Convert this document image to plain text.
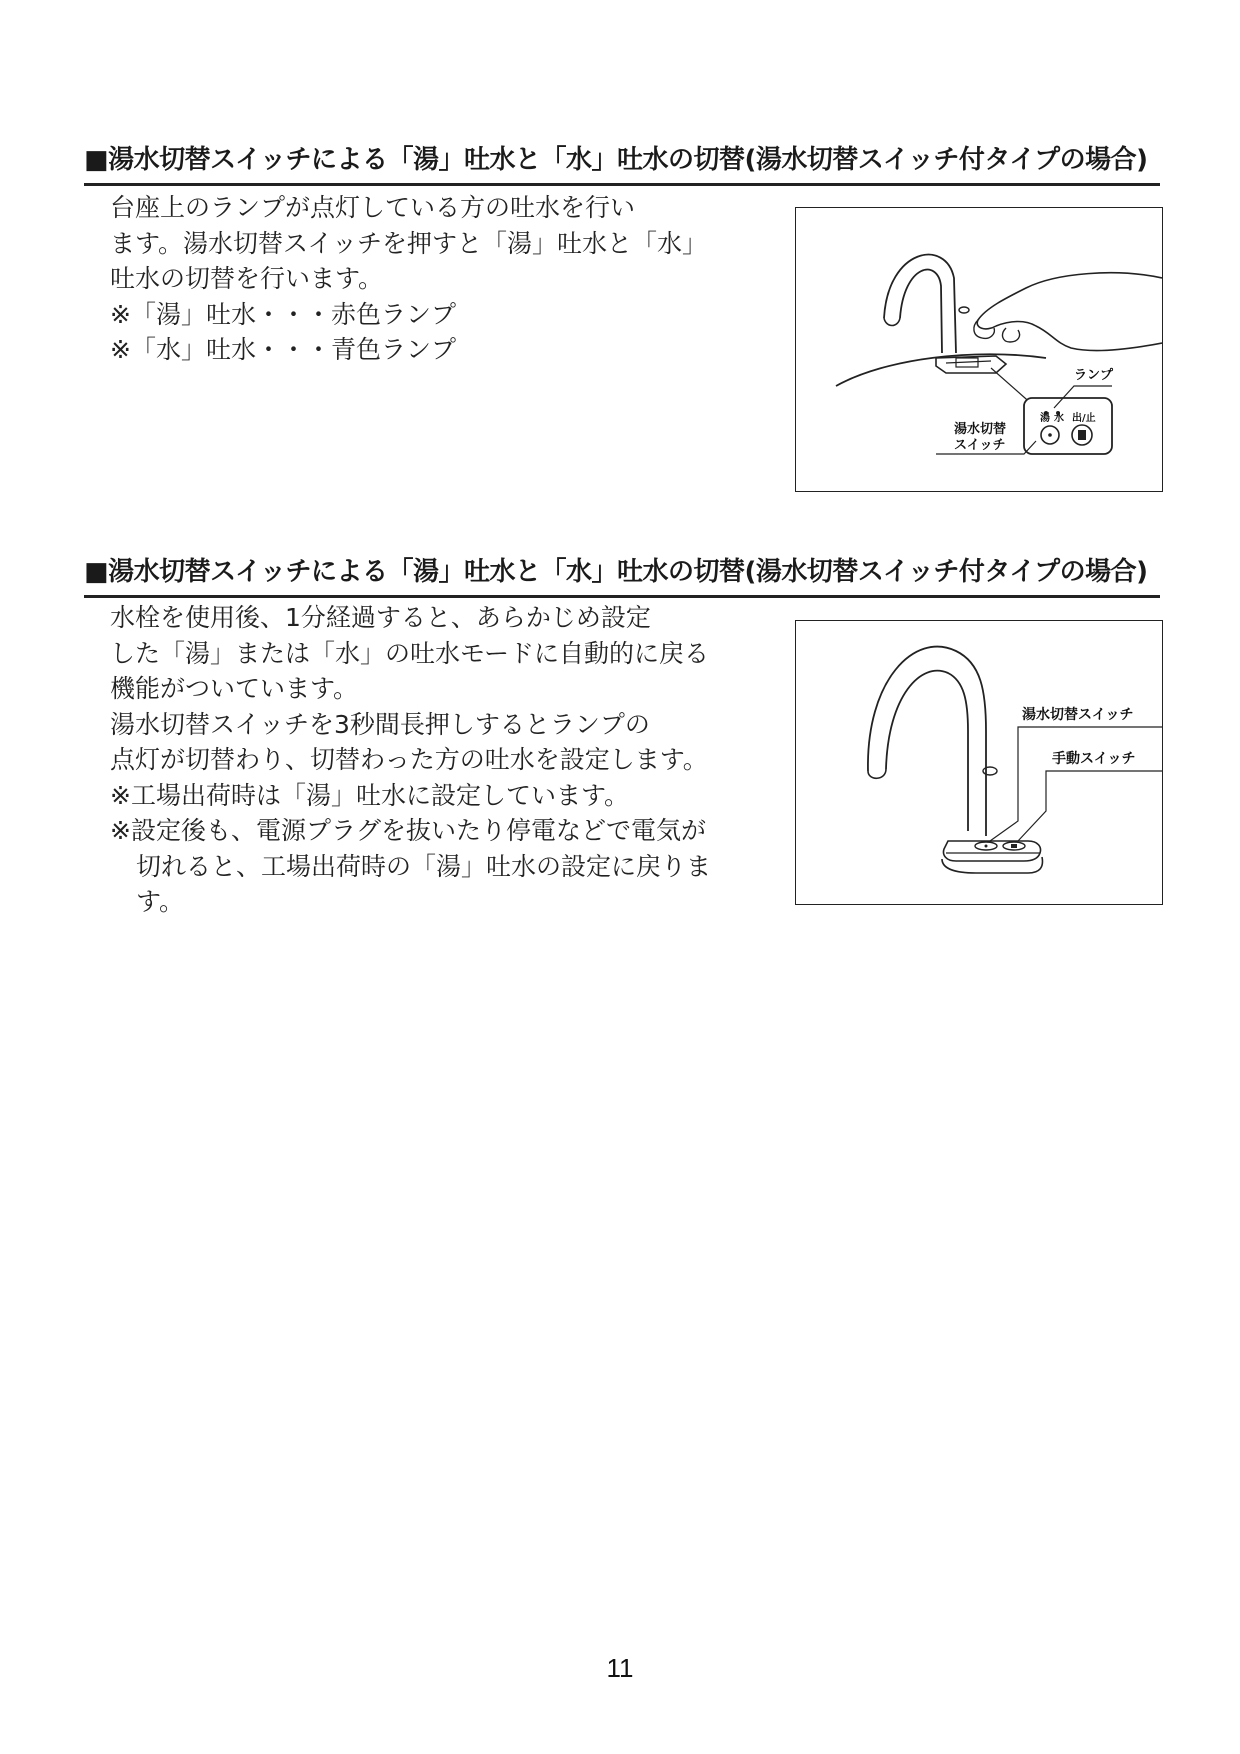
■湯水切替スイッチによる「湯」吐水と「水」吐水の切替(湯水切替スイッチ付タイプの場合)

台座上のランプが点灯している方の吐水を行い

ます。湯水切替スイッチを押すと「湯」吐水と「水」

吐水の切替を行います。

※「湯」吐水・・・赤色ランプ

※「水」吐水・・・青色ランプ

ランプ
湯水切替
スイッチ
湯 水 出/止
■湯水切替スイッチによる「湯」吐水と「水」吐水の切替(湯水切替スイッチ付タイプの場合)

水栓を使用後、1分経過すると、あらかじめ設定

した「湯」または「水」の吐水モードに自動的に戻る

機能がついています。

湯水切替スイッチを3秒間長押しするとランプの

点灯が切替わり、切替わった方の吐水を設定します。

※工場出荷時は「湯」吐水に設定しています。

※設定後も、電源プラグを抜いたり停電などで電気が切れると、工場出荷時の「湯」吐水の設定に戻ります。

湯水切替スイッチ
手動スイッチ
11
